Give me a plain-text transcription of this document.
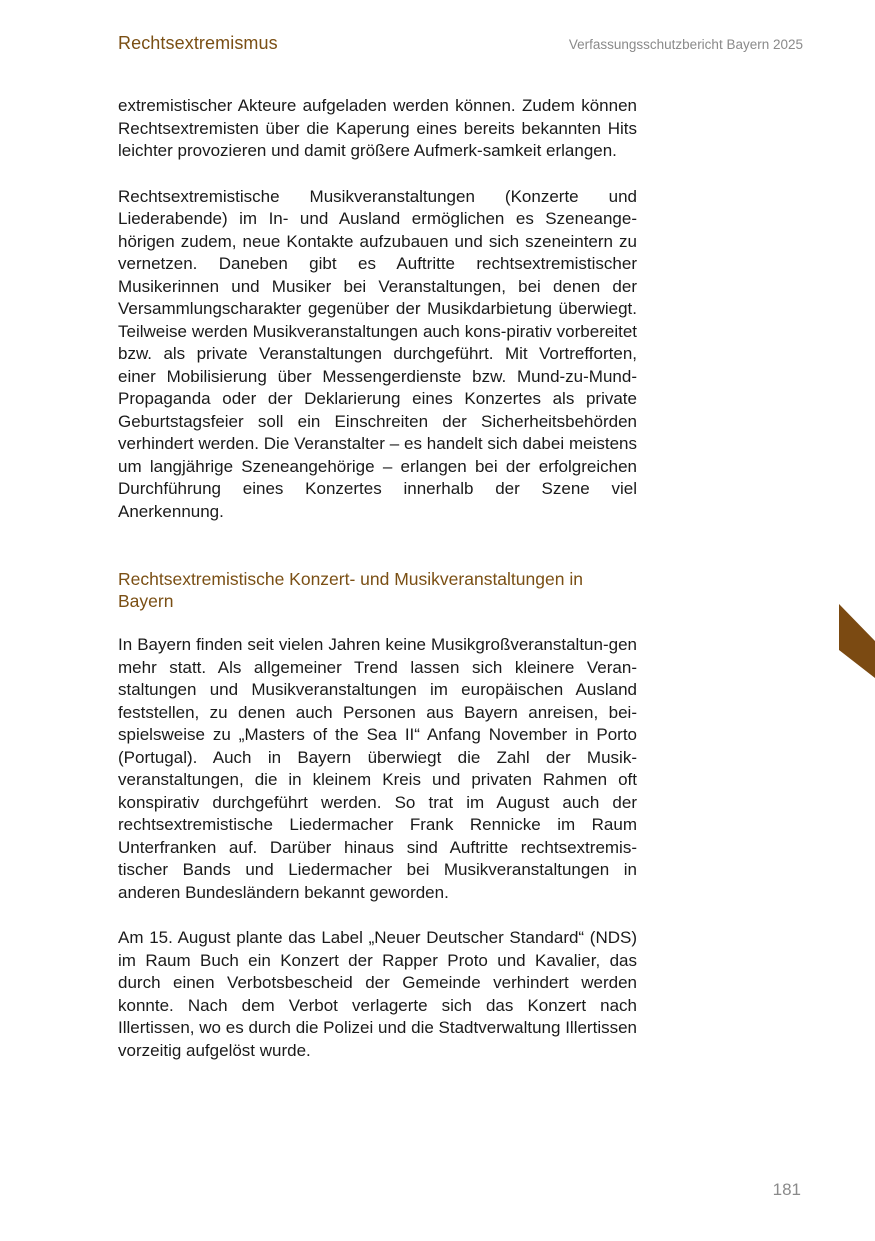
Rechtsextremismus	Verfassungsschutzbericht Bayern 2025

extremistischer Akteure aufgeladen werden können. Zudem können Rechtsextremisten über die Kaperung eines bereits bekannten Hits leichter provozieren und damit größere Aufmerk-samkeit erlangen.

Rechtsextremistische Musikveranstaltungen (Konzerte und Liederabende) im In- und Ausland ermöglichen es Szeneange-hörigen zudem, neue Kontakte aufzubauen und sich szeneintern zu vernetzen. Daneben gibt es Auftritte rechtsextremistischer Musikerinnen und Musiker bei Veranstaltungen, bei denen der Versammlungscharakter gegenüber der Musikdarbietung überwiegt. Teilweise werden Musikveranstaltungen auch kons-pirativ vorbereitet bzw. als private Veranstaltungen durchgeführt. Mit Vortrefforten, einer Mobilisierung über Messengerdienste bzw. Mund-zu-Mund-Propaganda oder der Deklarierung eines Konzertes als private Geburtstagsfeier soll ein Einschreiten der Sicherheitsbehörden verhindert werden. Die Veranstalter – es handelt sich dabei meistens um langjährige Szeneangehörige – erlangen bei der erfolgreichen Durchführung eines Konzertes innerhalb der Szene viel Anerkennung.

Rechtsextremistische Konzert- und Musikveranstaltungen in Bayern

In Bayern finden seit vielen Jahren keine Musikgroßveranstaltun-gen mehr statt. Als allgemeiner Trend lassen sich kleinere Veran-staltungen und Musikveranstaltungen im europäischen Ausland feststellen, zu denen auch Personen aus Bayern anreisen, bei-spielsweise zu „Masters of the Sea II“ Anfang November in Porto (Portugal). Auch in Bayern überwiegt die Zahl der Musik-veranstaltungen, die in kleinem Kreis und privaten Rahmen oft konspirativ durchgeführt werden. So trat im August auch der rechtsextremistische Liedermacher Frank Rennicke im Raum Unterfranken auf. Darüber hinaus sind Auftritte rechtsextremis-tischer Bands und Liedermacher bei Musikveranstaltungen in anderen Bundesländern bekannt geworden.

Am 15. August plante das Label „Neuer Deutscher Standard“ (NDS) im Raum Buch ein Konzert der Rapper Proto und Kavalier, das durch einen Verbotsbescheid der Gemeinde verhindert werden konnte. Nach dem Verbot verlagerte sich das Konzert nach Illertissen, wo es durch die Polizei und die Stadtverwaltung Illertissen vorzeitig aufgelöst wurde.

181
